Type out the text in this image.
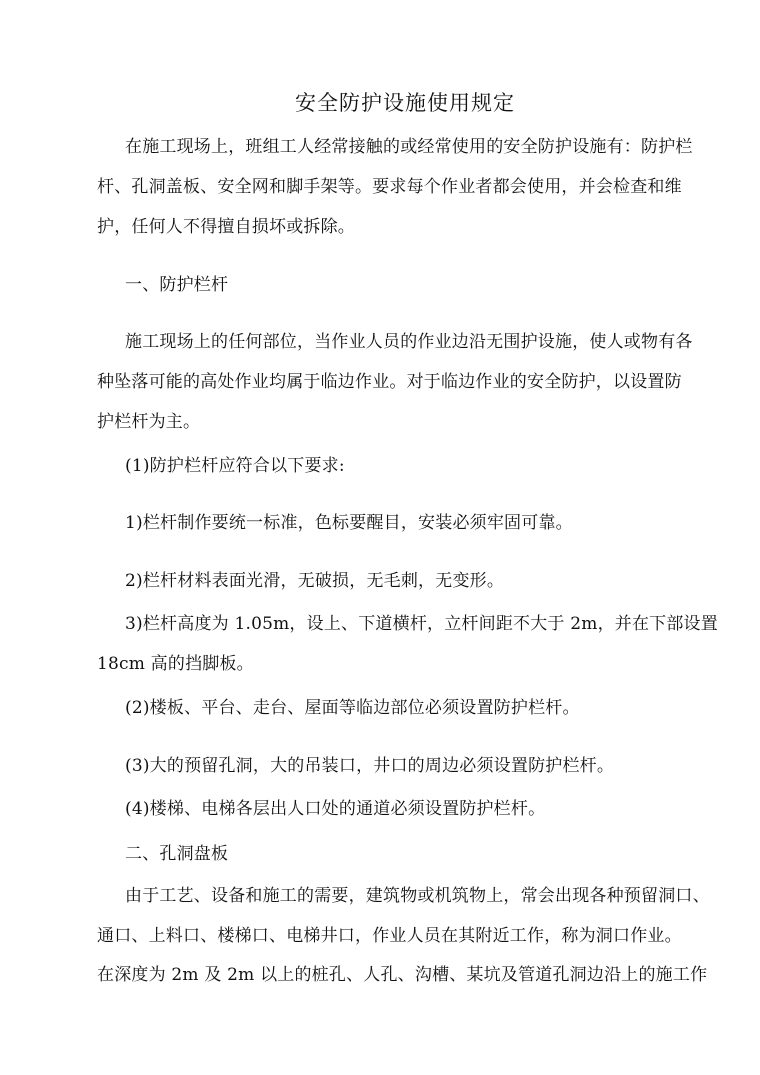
安全防护设施使用规定
在施工现场上，班组工人经常接触的或经常使用的安全防护设施有：防护栏
杆、孔洞盖板、安全网和脚手架等。要求每个作业者都会使用，并会检查和维
护，任何人不得擅自损坏或拆除。
一、防护栏杆
施工现场上的任何部位，当作业人员的作业边沿无围护设施，使人或物有各
种坠落可能的高处作业均属于临边作业。对于临边作业的安全防护，以设置防
护栏杆为主。
(1)防护栏杆应符合以下要求:
1)栏杆制作要统一标准，色标要醒目，安装必须牢固可靠。
2)栏杆材料表面光滑，无破损，无毛刺，无变形。
3)栏杆高度为 1.05m，设上、下道横杆，立杆间距不大于 2m，并在下部设置
18cm 高的挡脚板。
(2)楼板、平台、走台、屋面等临边部位必须设置防护栏杆。
(3)大的预留孔洞，大的吊装口，井口的周边必须设置防护栏杆。
(4)楼梯、电梯各层出人口处的通道必须设置防护栏杆。
二、孔洞盘板
由于工艺、设备和施工的需要，建筑物或机筑物上，常会出现各种预留洞口、
通口、上料口、楼梯口、电梯井口，作业人员在其附近工作，称为洞口作业。
在深度为 2m 及 2m 以上的桩孔、人孔、沟槽、某坑及管道孔洞边沿上的施工作
